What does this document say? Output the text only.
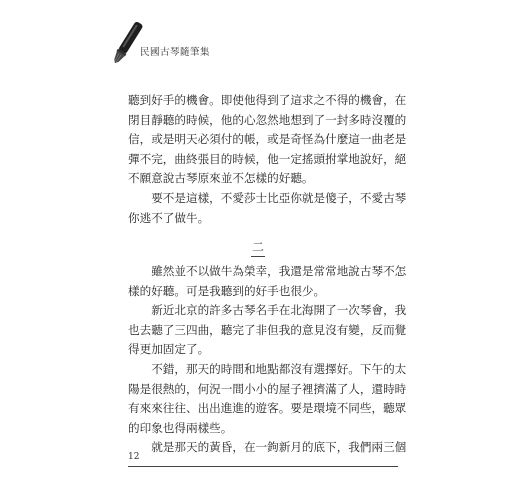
民國古琴隨筆集

聽到好手的機會。即使他得到了這求之不得的機會，在
閉目靜聽的時候，他的心忽然地想到了一封多時沒覆的
信，或是明天必須付的帳，或是奇怪為什麼這一曲老是
彈不完，曲終張目的時候，他一定搖頭拊掌地說好，絕
不願意說古琴原來並不怎樣的好聽。

要不是這樣，不愛莎士比亞你就是傻子，不愛古琴
你逃不了做牛。

二

雖然並不以做牛為榮幸，我還是常常地說古琴不怎
樣的好聽。可是我聽到的好手也很少。

新近北京的許多古琴名手在北海開了一次琴會，我
也去聽了三四曲，聽完了非但我的意見沒有變，反而覺
得更加固定了。

不錯，那天的時間和地點都沒有選擇好。下午的太
陽是很熱的，何況一間小小的屋子裡擠滿了人，還時時
有來來往往、出出進進的遊客。要是環境不同些，聽眾
的印象也得兩樣些。

就是那天的黃昏，在一鉤新月的底下，我們兩三個

12
